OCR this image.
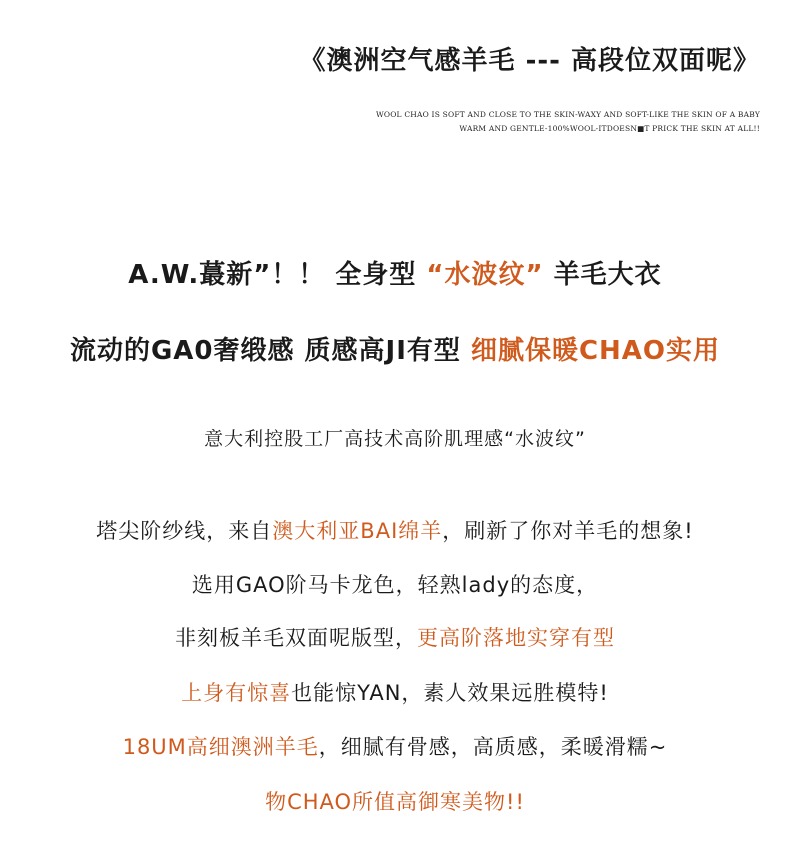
《澳洲空气感羊毛 --- 高段位双面呢》
WOOL CHAO IS SOFT AND CLOSE TO THE SKIN-WAXY AND SOFT-LIKE THE SKIN OF A BABY
WARM AND GENTLE-100%WOOL-ITDOESN■T PRICK THE SKIN AT ALL!!
A.W.蕞新”！！ 全身型 “水波纹” 羊毛大衣
流动的GA0奢缎感 质感高JI有型 细腻保暖CHAO实用
意大利控股工厂高技术高阶肌理感“水波纹”
塔尖阶纱线，来自澳大利亚BAI绵羊，刷新了你对羊毛的想象!
选用GAO阶马卡龙色，轻熟lady的态度，
非刻板羊毛双面呢版型，更高阶落地实穿有型
上身有惊喜也能惊YAN，素人效果远胜模特!
18UM高细澳洲羊毛，细腻有骨感，高质感，柔暖滑糯~
物CHAO所值高御寒美物!!
